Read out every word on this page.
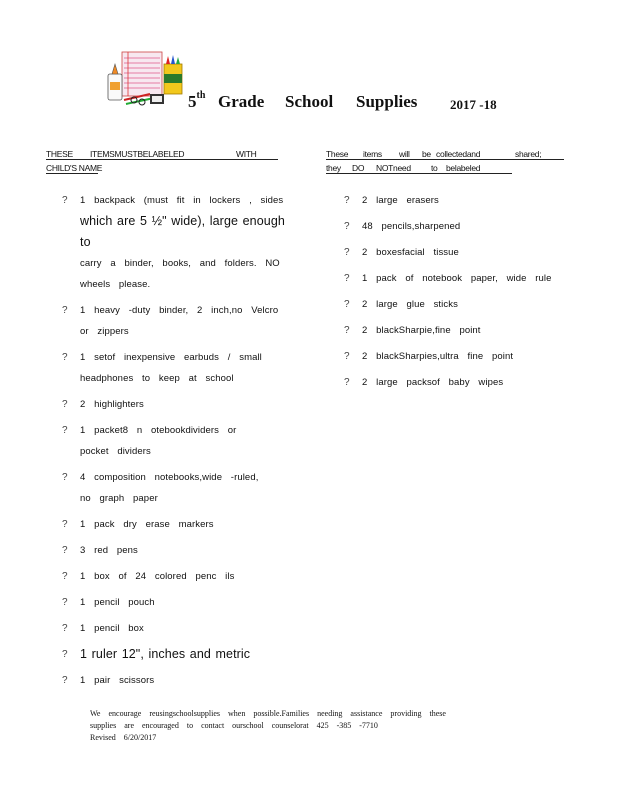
5th Grade School Supplies	2017 -18
THESE ITEMSMUSTBELABELED	WITH
CHILD'S NAME
These items will be collectedand	shared;
they DO NOTneed to belabeled
? 1 backpack (must fit in lockers , sides
which are 5 ½" wide), large enough to
carry a binder, books, and folders. NO
wheels please.
? 1 heavy -duty binder, 2 inch,no Velcro
or zippers
? 1 setof inexpensive earbuds / small
headphones to keep at school
? 2 highlighters
? 1 packet8 n otebookdividers or
pocket dividers
? 4 composition notebooks,wide -ruled,
no graph paper
? 1 pack dry erase markers
? 3 red pens
? 1 box of 24 colored penc ils
? 1 pencil pouch
? 1 pencil box
? 1 ruler 12", inches and metric
? 1 pair scissors
? 2 large erasers
? 48 pencils,sharpened
? 2 boxesfacial tissue
? 1 pack of notebook paper, wide rule
? 2 large glue sticks
? 2 blackSharpie,fine point
? 2 blackSharpies,ultra fine point
? 2 large packsof baby wipes
We encourage reusingschoolsupplies when possible.Families needing assistance providing these
supplies are encouraged to contact ourschool counselorat 425 -385 -7710
Revised 6/20/2017
